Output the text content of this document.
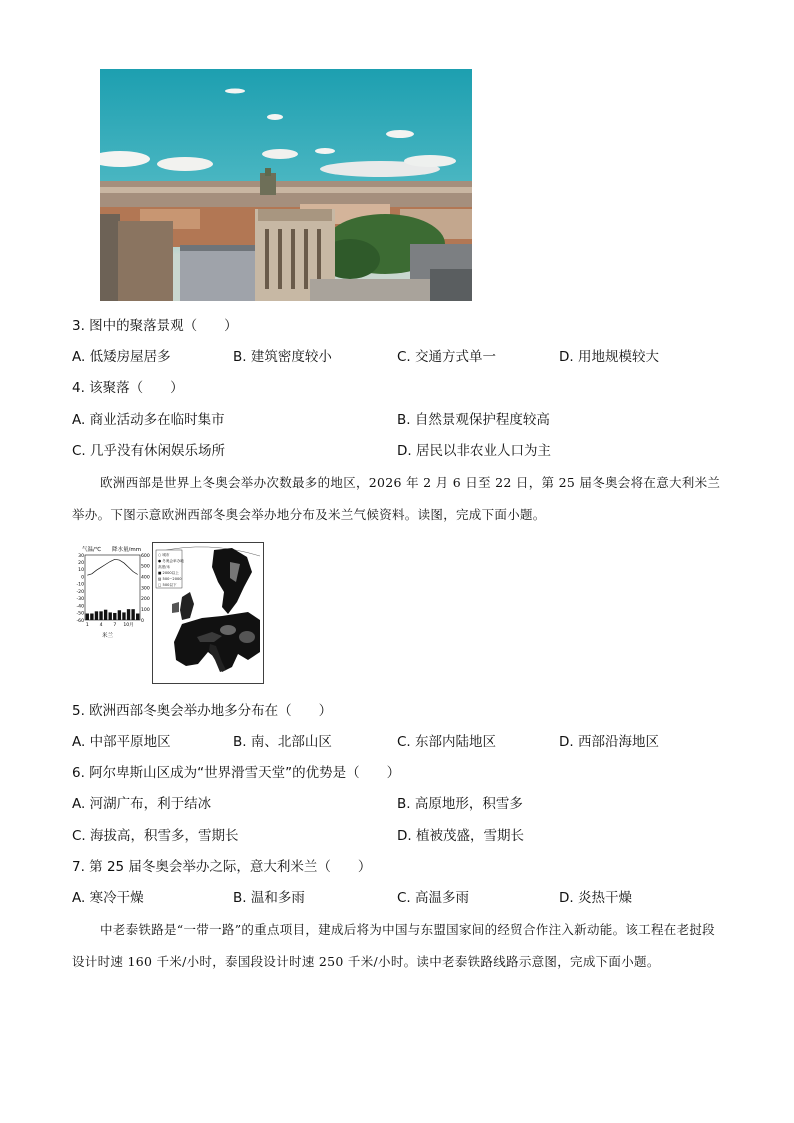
3. 图中的聚落景观（　　）
A. 低矮房屋居多	B. 建筑密度较小	C. 交通方式单一	D. 用地规模较大
4. 该聚落（　　）
A. 商业活动多在临时集市	B. 自然景观保护程度较高
C. 几乎没有休闲娱乐场所	D. 居民以非农业人口为主
欧洲西部是世界上冬奥会举办次数最多的地区，2026 年 2 月 6 日至 22 日，第 25 届冬奥会将在意大利米兰举办。下图示意欧洲西部冬奥会举办地分布及米兰气候资料。读图，完成下面小题。
气温/℃ 降水量/mm
30
20
10
0
-10
-20
-30
-40
-50
-60
600
500
400
300
200
100
0
1 4 7 10月
米兰
○ 城市
● 冬奥会举办地
高度/米
■ 2000以上
▨ 500~2000
□ 500以下
5. 欧洲西部冬奥会举办地多分布在（　　）
A. 中部平原地区	B. 南、北部山区	C. 东部内陆地区	D. 西部沿海地区
6. 阿尔卑斯山区成为“世界滑雪天堂”的优势是（　　）
A. 河湖广布，利于结冰	B. 高原地形，积雪多
C. 海拔高，积雪多，雪期长	D. 植被茂盛，雪期长
7. 第 25 届冬奥会举办之际，意大利米兰（　　）
A. 寒冷干燥	B. 温和多雨	C. 高温多雨	D. 炎热干燥
中老泰铁路是“一带一路”的重点项目，建成后将为中国与东盟国家间的经贸合作注入新动能。该工程在老挝段设计时速 160 千米/小时，泰国段设计时速 250 千米/小时。读中老泰铁路线路示意图，完成下面小题。
